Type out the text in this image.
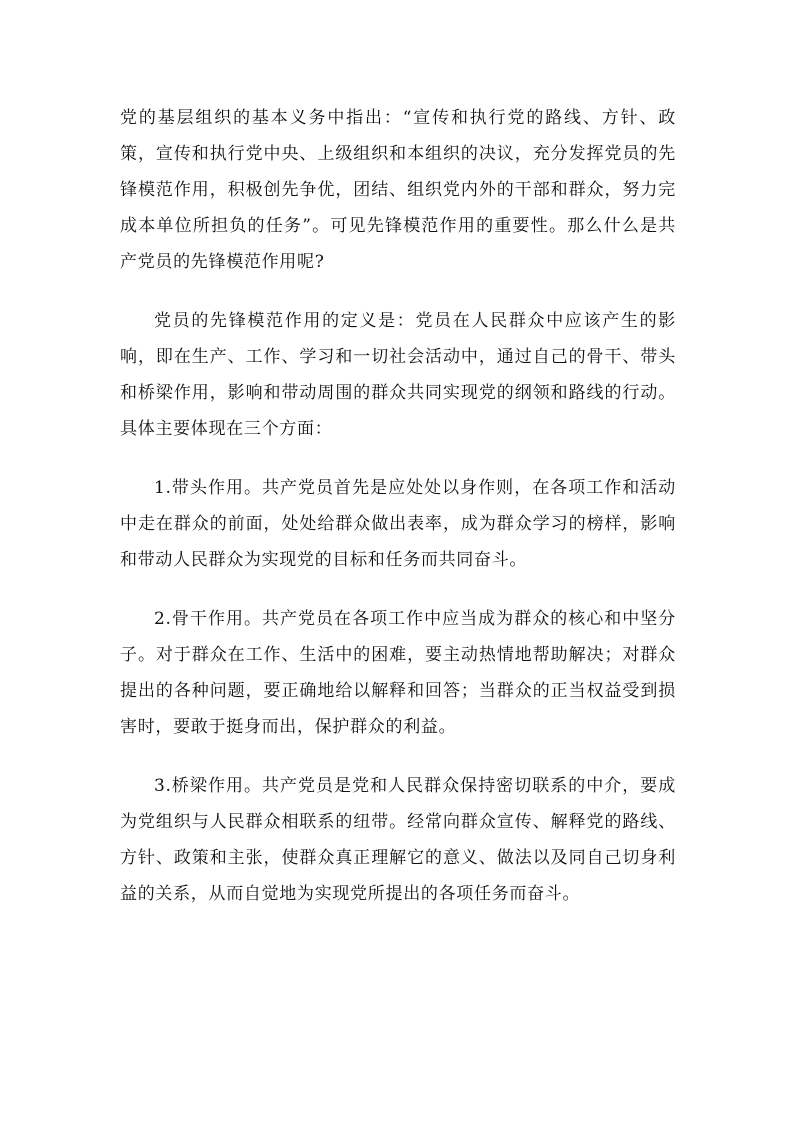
党的基层组织的基本义务中指出：“宣传和执行党的路线、方针、政策，宣传和执行党中央、上级组织和本组织的决议，充分发挥党员的先锋模范作用，积极创先争优，团结、组织党内外的干部和群众，努力完成本单位所担负的任务”。可见先锋模范作用的重要性。那么什么是共产党员的先锋模范作用呢?

党员的先锋模范作用的定义是：党员在人民群众中应该产生的影响，即在生产、工作、学习和一切社会活动中，通过自己的骨干、带头和桥梁作用，影响和带动周围的群众共同实现党的纲领和路线的行动。具体主要体现在三个方面：

1.带头作用。共产党员首先是应处处以身作则，在各项工作和活动中走在群众的前面，处处给群众做出表率，成为群众学习的榜样，影响和带动人民群众为实现党的目标和任务而共同奋斗。

2.骨干作用。共产党员在各项工作中应当成为群众的核心和中坚分子。对于群众在工作、生活中的困难，要主动热情地帮助解决；对群众提出的各种问题，要正确地给以解释和回答；当群众的正当权益受到损害时，要敢于挺身而出，保护群众的利益。

3.桥梁作用。共产党员是党和人民群众保持密切联系的中介，要成为党组织与人民群众相联系的纽带。经常向群众宣传、解释党的路线、方针、政策和主张，使群众真正理解它的意义、做法以及同自己切身利益的关系，从而自觉地为实现党所提出的各项任务而奋斗。
